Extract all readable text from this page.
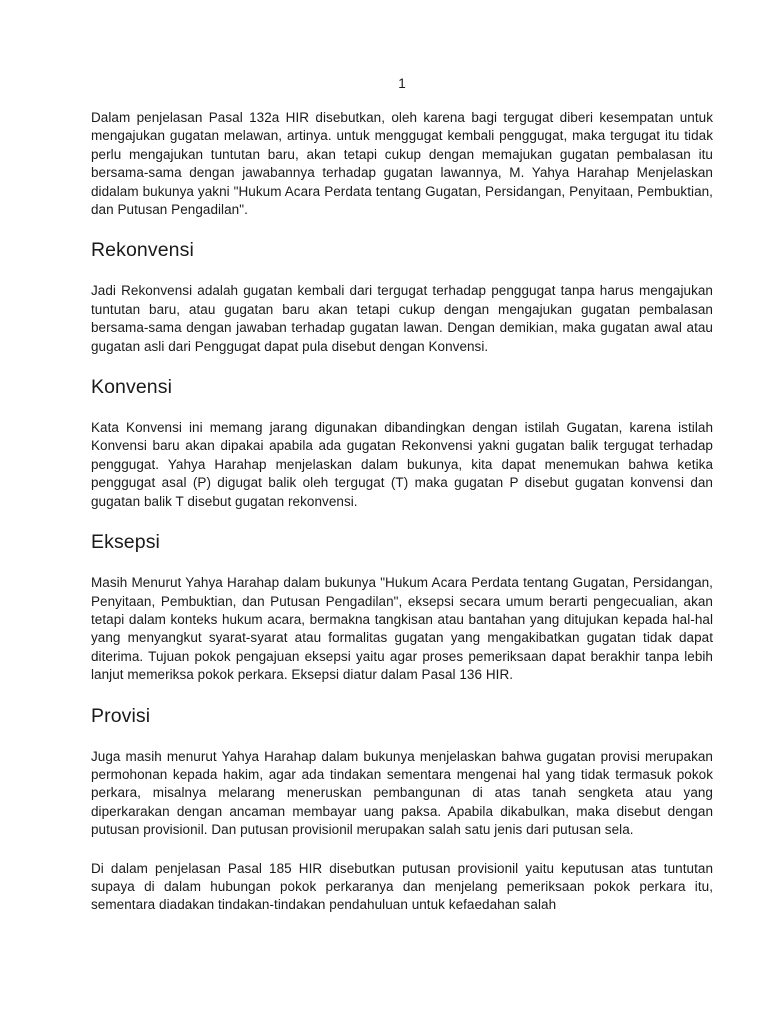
1

Dalam penjelasan Pasal 132a HIR disebutkan, oleh karena bagi tergugat diberi kesempatan untuk mengajukan gugatan melawan, artinya. untuk menggugat kembali penggugat, maka tergugat itu tidak perlu mengajukan tuntutan baru, akan tetapi cukup dengan memajukan gugatan pembalasan itu bersama-sama dengan jawabannya terhadap gugatan lawannya, M. Yahya Harahap Menjelaskan didalam bukunya yakni "Hukum Acara Perdata tentang Gugatan, Persidangan, Penyitaan, Pembuktian, dan Putusan Pengadilan".

Rekonvensi

Jadi Rekonvensi adalah gugatan kembali dari tergugat terhadap penggugat tanpa harus mengajukan tuntutan baru, atau gugatan baru akan tetapi cukup dengan mengajukan gugatan pembalasan bersama-sama dengan jawaban terhadap gugatan lawan. Dengan demikian, maka gugatan awal atau gugatan asli dari Penggugat dapat pula disebut dengan Konvensi.

Konvensi

Kata Konvensi ini memang jarang digunakan dibandingkan dengan istilah Gugatan, karena istilah Konvensi baru akan dipakai apabila ada gugatan Rekonvensi yakni gugatan balik tergugat terhadap penggugat. Yahya Harahap menjelaskan dalam bukunya, kita dapat menemukan bahwa ketika penggugat asal (P) digugat balik oleh tergugat (T) maka gugatan P disebut gugatan konvensi dan gugatan balik T disebut gugatan rekonvensi.

Eksepsi

Masih Menurut Yahya Harahap dalam bukunya "Hukum Acara Perdata tentang Gugatan, Persidangan, Penyitaan, Pembuktian, dan Putusan Pengadilan", eksepsi secara umum berarti pengecualian, akan tetapi dalam konteks hukum acara, bermakna tangkisan atau bantahan yang ditujukan kepada hal-hal yang menyangkut syarat-syarat atau formalitas gugatan yang mengakibatkan gugatan tidak dapat diterima. Tujuan pokok pengajuan eksepsi yaitu agar proses pemeriksaan dapat berakhir tanpa lebih lanjut memeriksa pokok perkara. Eksepsi diatur dalam Pasal 136 HIR.

Provisi

Juga masih menurut Yahya Harahap dalam bukunya menjelaskan bahwa gugatan provisi merupakan permohonan kepada hakim, agar ada tindakan sementara mengenai hal yang tidak termasuk pokok perkara, misalnya melarang meneruskan pembangunan di atas tanah sengketa atau yang diperkarakan dengan ancaman membayar uang paksa. Apabila dikabulkan, maka disebut dengan putusan provisionil. Dan putusan provisionil merupakan salah satu jenis dari putusan sela.

Di dalam penjelasan Pasal 185 HIR disebutkan putusan provisionil yaitu keputusan atas tuntutan supaya di dalam hubungan pokok perkaranya dan menjelang pemeriksaan pokok perkara itu, sementara diadakan tindakan-tindakan pendahuluan untuk kefaedahan salah
